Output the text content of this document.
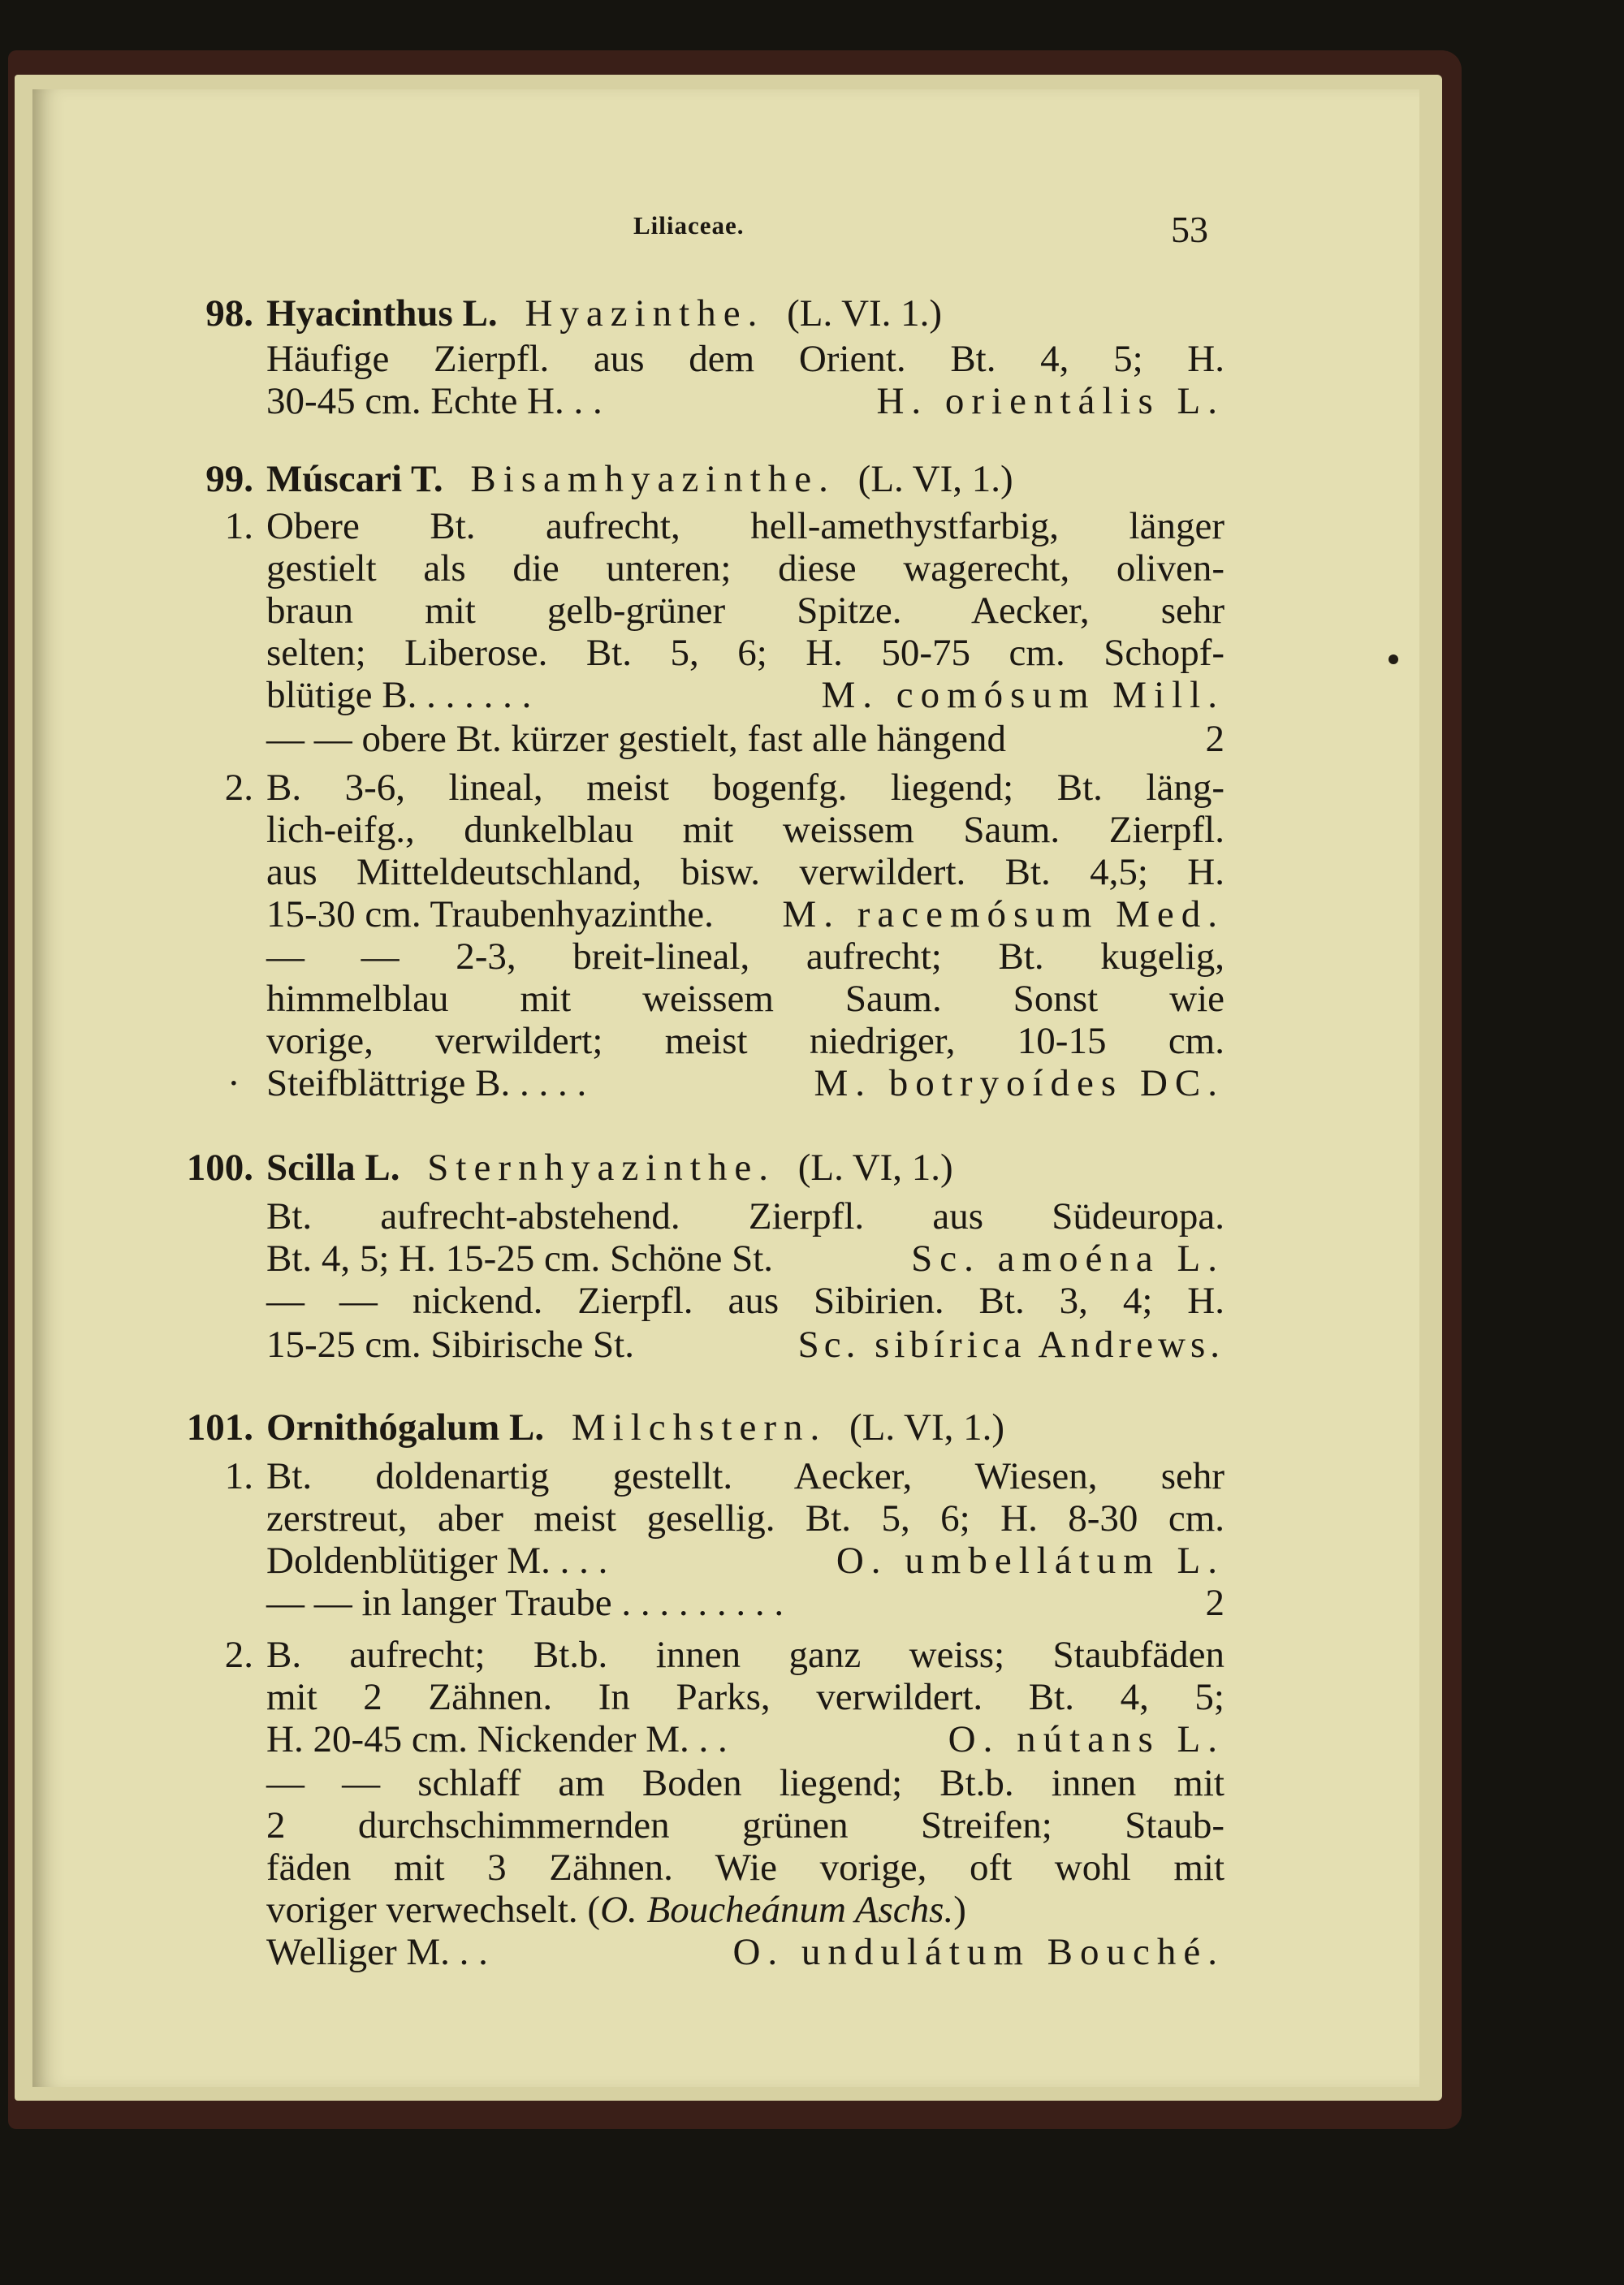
Liliaceae.	53
98. Hyacinthus L. Hyazinthe. (L. VI. 1.)
Häufige Zierpfl. aus dem Orient. Bt. 4, 5; H.
30-45 cm. Echte H. . .	H. orientális L.
99. Múscari T. Bisamhyazinthe. (L. VI, 1.)
1. Obere Bt. aufrecht, hell-amethystfarbig, länger
gestielt als die unteren; diese wagerecht, oliven-
braun mit gelb-grüner Spitze. Aecker, sehr
selten; Liberose. Bt. 5, 6; H. 50-75 cm. Schopf-
blütige B. . . . . . .	M. comósum Mill.
— — obere Bt. kürzer gestielt, fast alle hängend	2
2. B. 3-6, lineal, meist bogenfg. liegend; Bt. läng-
lich-eifg., dunkelblau mit weissem Saum. Zierpfl.
aus Mitteldeutschland, bisw. verwildert. Bt. 4,5; H.
15-30 cm. Traubenhyazinthe. M. racemósum Med.
— — 2-3, breit-lineal, aufrecht; Bt. kugelig,
himmelblau mit weissem Saum. Sonst wie
vorige, verwildert; meist niedriger, 10-15 cm.
· Steifblättrige B. . . . .	M. botryoídes DC.
100. Scilla L. Sternhyazinthe. (L. VI, 1.)
Bt. aufrecht-abstehend. Zierpfl. aus Südeuropa.
Bt. 4, 5; H. 15-25 cm. Schöne St.	Sc. amoéna L.
— — nickend. Zierpfl. aus Sibirien. Bt. 3, 4; H.
15-25 cm. Sibirische St.	Sc. sibírica Andrews.
101. Ornithógalum L. Milchstern. (L. VI, 1.)
1. Bt. doldenartig gestellt. Aecker, Wiesen, sehr
zerstreut, aber meist gesellig. Bt. 5, 6; H. 8-30 cm.
Doldenblütiger M. . . .	O. umbellátum L.
— — in langer Traube . . . . . . . . .	2
2. B. aufrecht; Bt.b. innen ganz weiss; Staubfäden
mit 2 Zähnen. In Parks, verwildert. Bt. 4, 5;
H. 20-45 cm. Nickender M. . .	O. nútans L.
— — schlaff am Boden liegend; Bt.b. innen mit
2 durchschimmernden grünen Streifen; Staub-
fäden mit 3 Zähnen. Wie vorige, oft wohl mit
voriger verwechselt. (O. Boucheánum Aschs.)
Welliger M. . .	O. undulátum Bouché.
